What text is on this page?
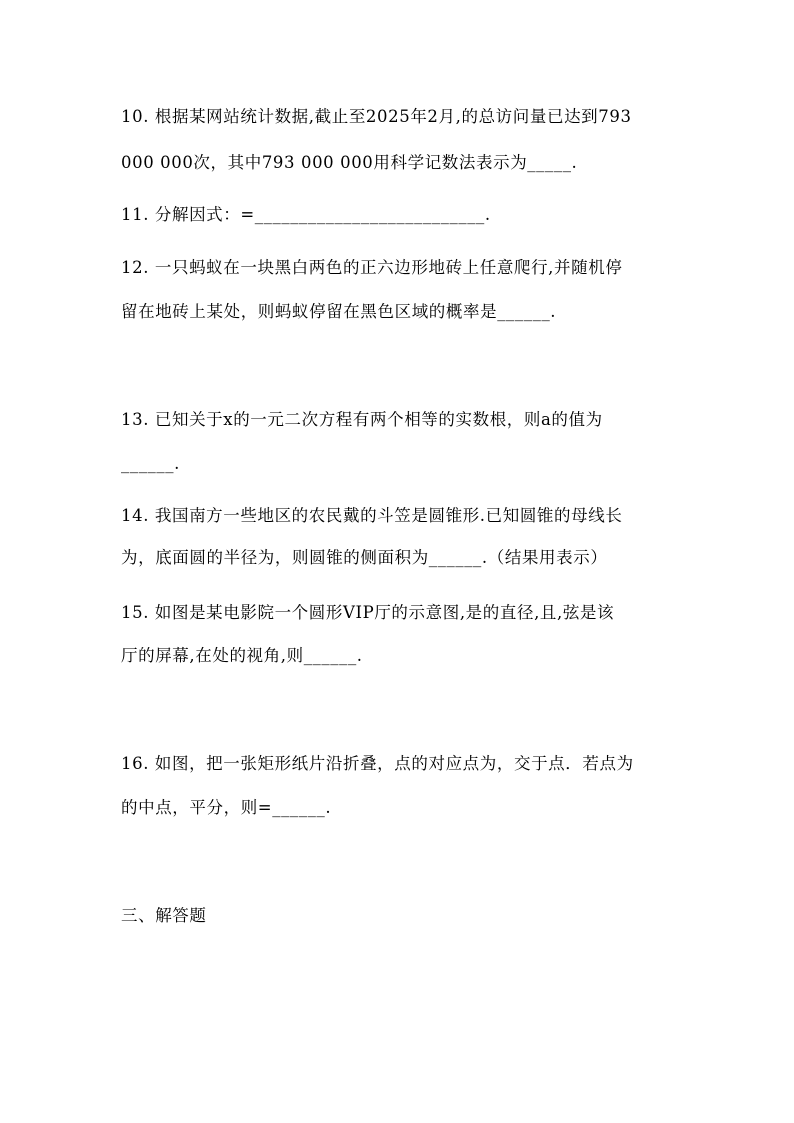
10. 根据某网站统计数据,截止至2025年2月,的总访问量已达到793
000 000次，其中793 000 000用科学记数法表示为_____.
11. 分解因式：=__________________________.
12. 一只蚂蚁在一块黑白两色的正六边形地砖上任意爬行,并随机停
留在地砖上某处，则蚂蚁停留在黑色区域的概率是______.
13. 已知关于x的一元二次方程有两个相等的实数根，则a的值为
______.
14. 我国南方一些地区的农民戴的斗笠是圆锥形.已知圆锥的母线长
为，底面圆的半径为，则圆锥的侧面积为______.（结果用表示）
15. 如图是某电影院一个圆形VIP厅的示意图,是的直径,且,弦是该
厅的屏幕,在处的视角,则______.
16. 如图，把一张矩形纸片沿折叠，点的对应点为，交于点．若点为
的中点，平分，则=______.
三、解答题
